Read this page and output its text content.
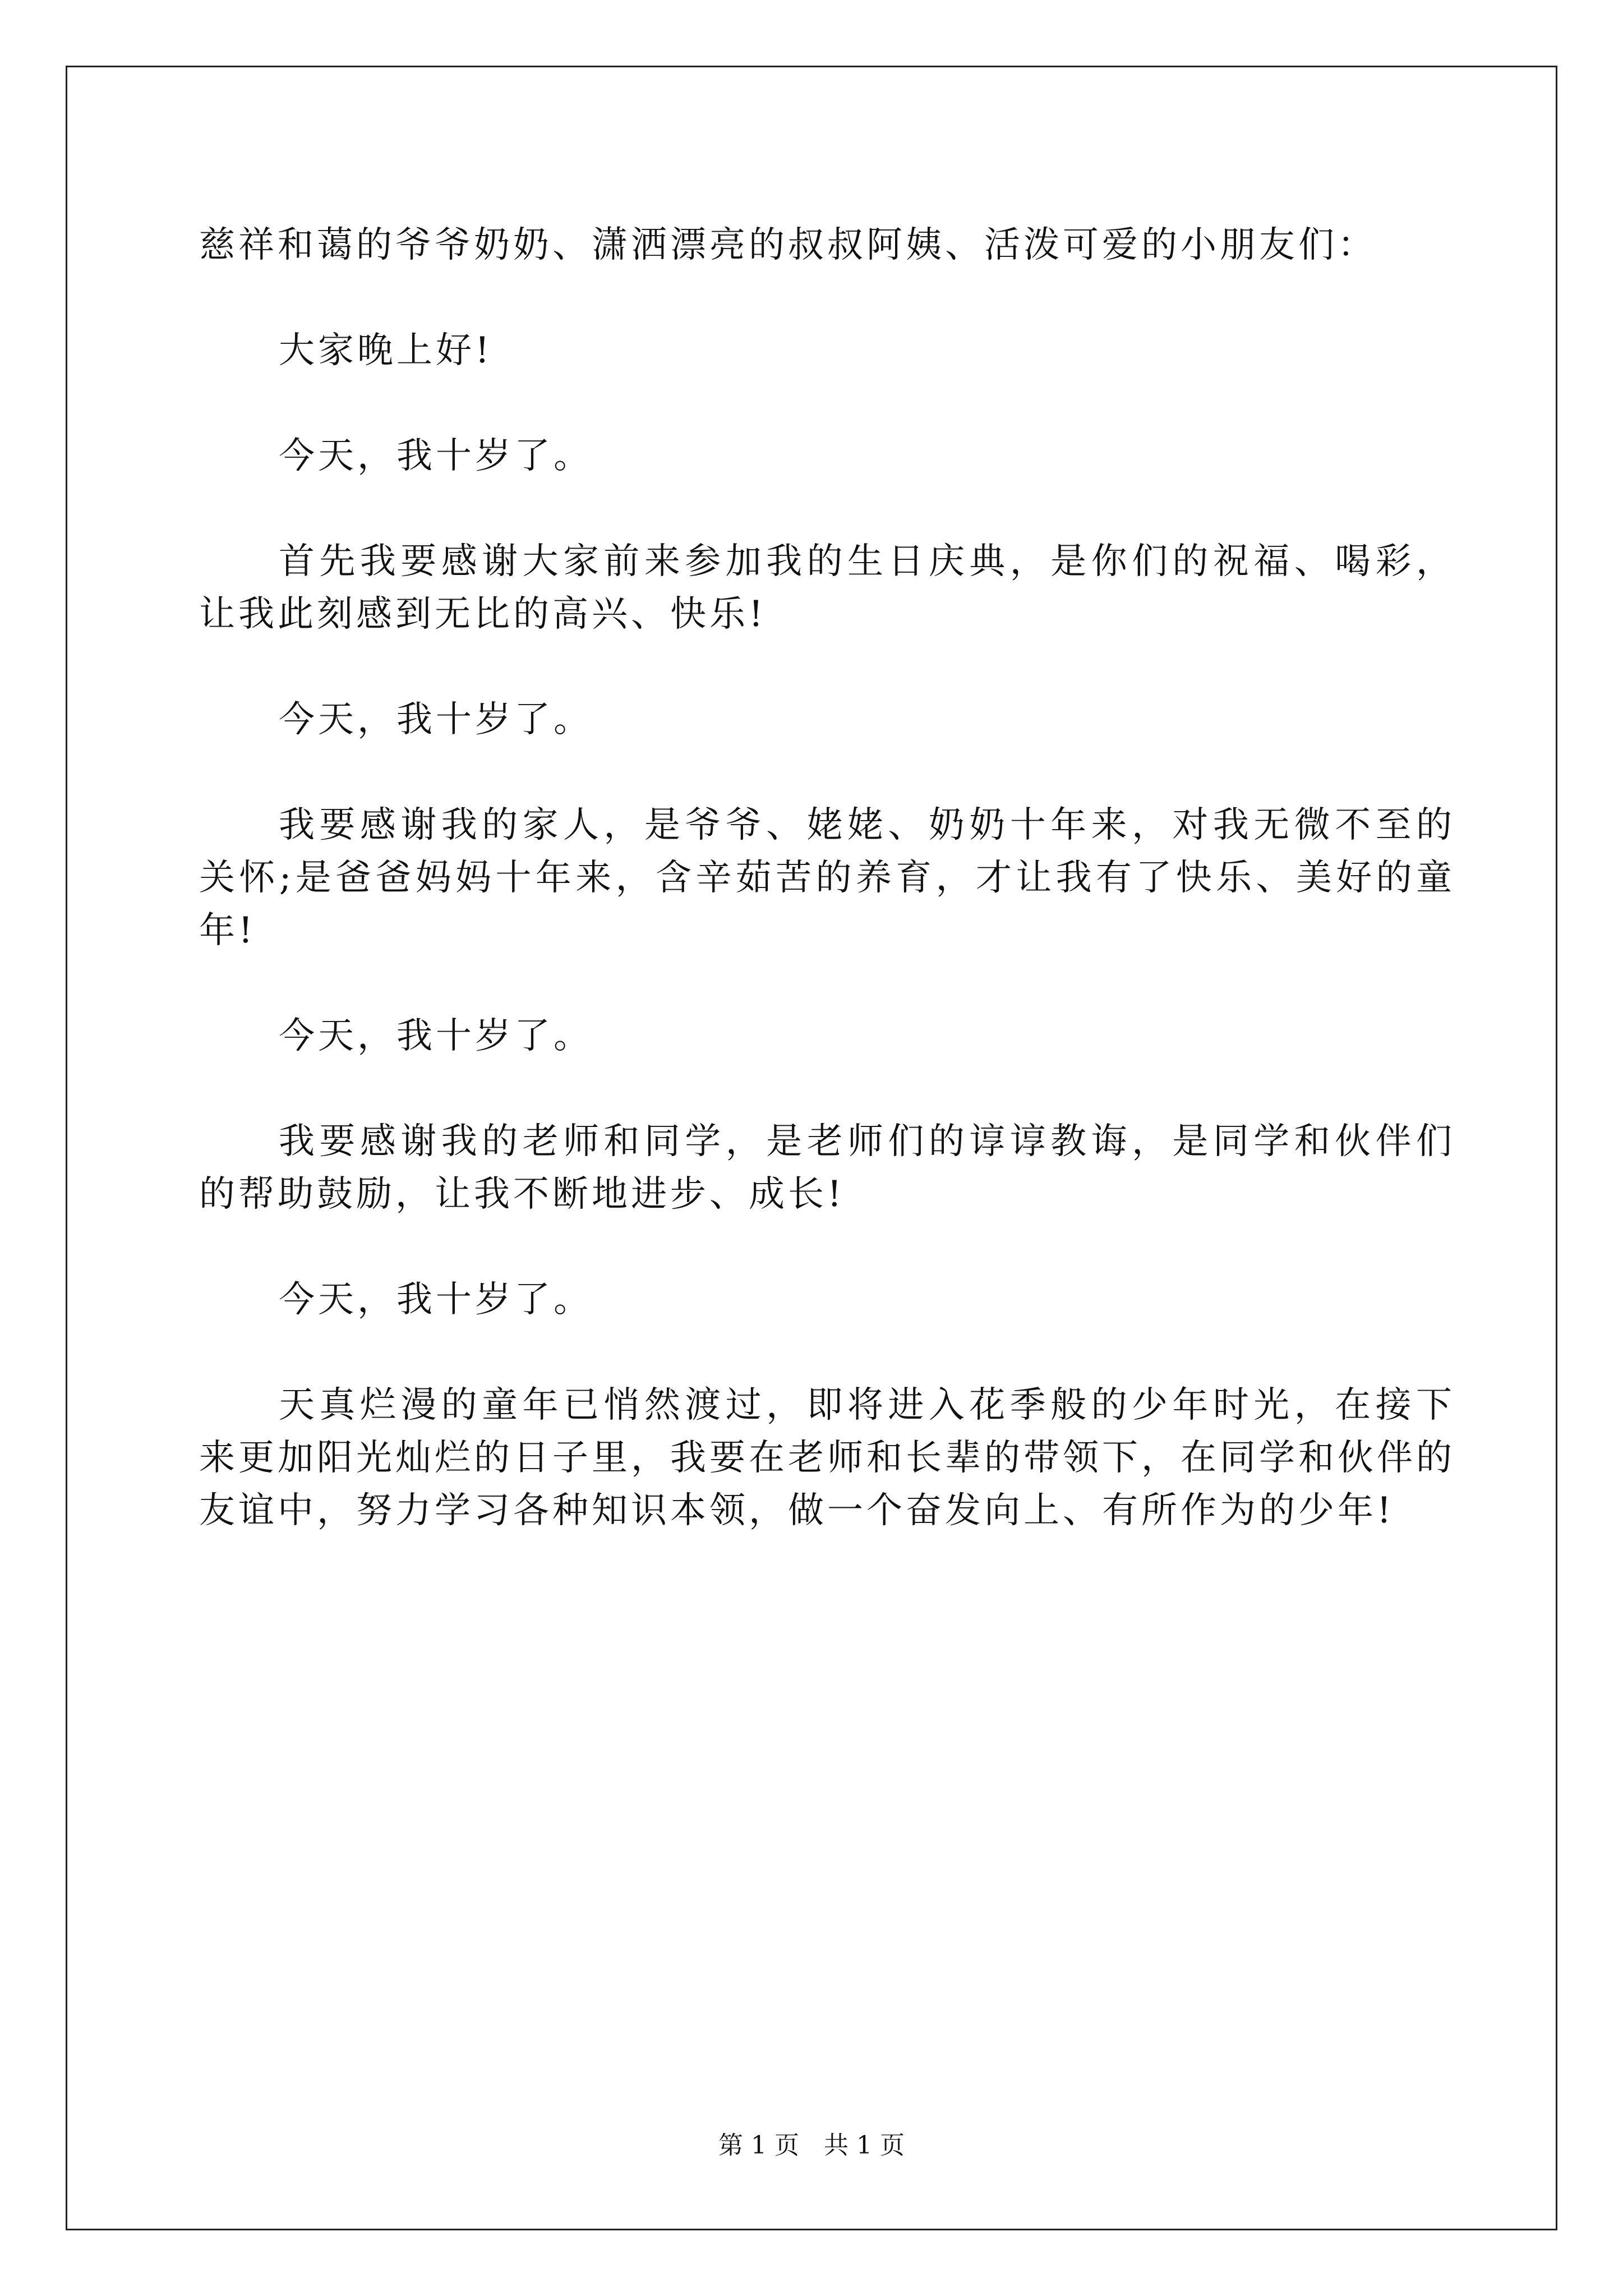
慈祥和蔼的爷爷奶奶、潇洒漂亮的叔叔阿姨、活泼可爱的小朋友们：

大家晚上好!

今天，我十岁了。

首先我要感谢大家前来参加我的生日庆典，是你们的祝福、喝彩，让我此刻感到无比的高兴、快乐!

今天，我十岁了。

我要感谢我的家人，是爷爷、姥姥、奶奶十年来，对我无微不至的关怀;是爸爸妈妈十年来，含辛茹苦的养育，才让我有了快乐、美好的童年!

今天，我十岁了。

我要感谢我的老师和同学，是老师们的谆谆教诲，是同学和伙伴们的帮助鼓励，让我不断地进步、成长!

今天，我十岁了。

天真烂漫的童年已悄然渡过，即将进入花季般的少年时光，在接下来更加阳光灿烂的日子里，我要在老师和长辈的带领下，在同学和伙伴的友谊中，努力学习各种知识本领，做一个奋发向上、有所作为的少年!

第 1 页　共 1 页
